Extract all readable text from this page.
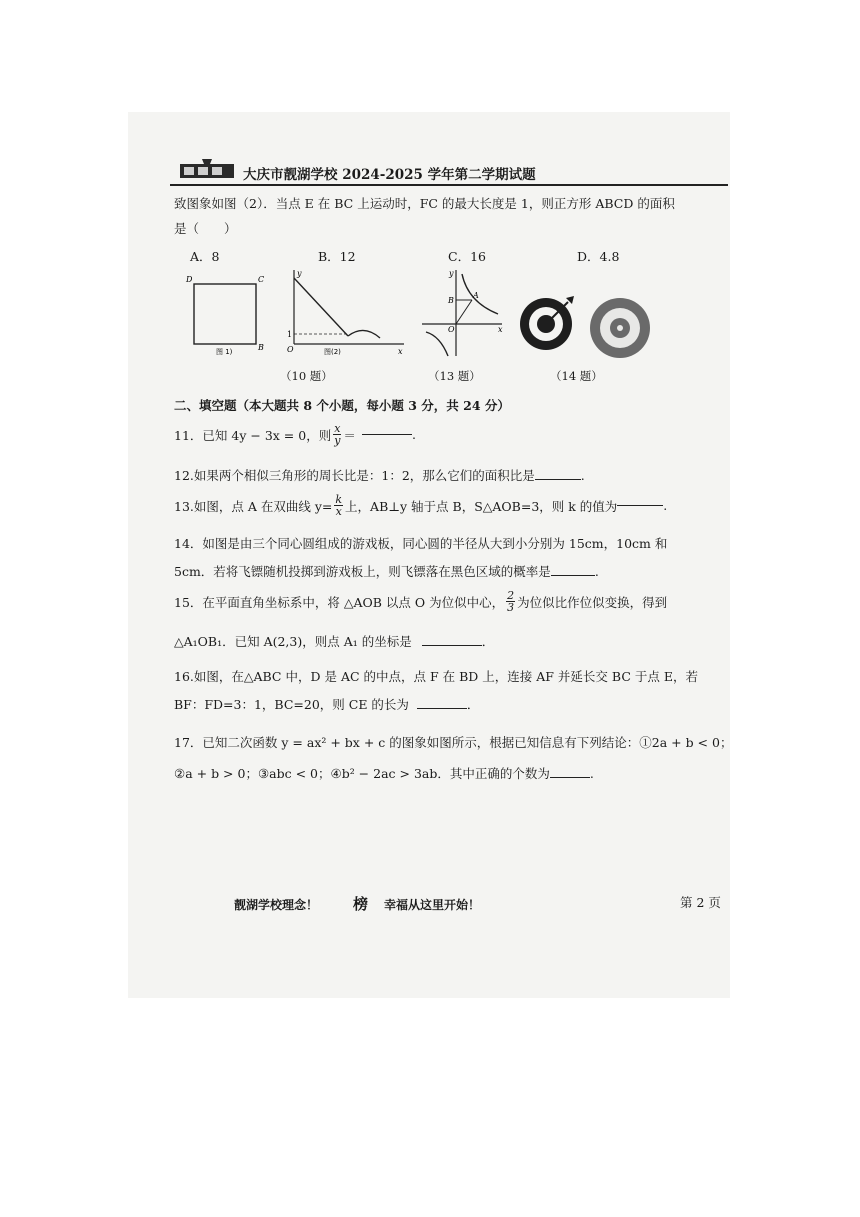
大庆市靓湖学校 2024-2025 学年第二学期试题
致图象如图（2）．当点 E 在 BC 上运动时，FC 的最大长度是 1，则正方形 ABCD 的面积
是（　　）
A．8	B．12	C．16	D．4.8
D	C
B
图 1)
y
1
O	x
图(2)
y
B
A
O	x
（10 题）	（13 题）	（14 题）
二、填空题（本大题共 8 个小题，每小题 3 分，共 24 分）
11．已知 4y − 3x = 0，则 $\frac{x}{y}$ ＝	.
12.如果两个相似三角形的周长比是：1：2，那么它们的面积比是	.
13.如图，点 A 在双曲线 $y= \frac{k}{x}$ 上，AB⊥y 轴于点 B，S△AOB=3，则 k 的值为	.
14．如图是由三个同心圆组成的游戏板，同心圆的半径从大到小分别为 15cm，10cm 和
5cm．若将飞镖随机投掷到游戏板上，则飞镖落在黑色区域的概率是	.
15．在平面直角坐标系中，将 △AOB 以点 O 为位似中心， $\frac{2}{3}$ 为位似比作位似变换，得到
△A₁OB₁．已知 A(2,3)，则点 A₁ 的坐标是	．
16.如图，在△ABC 中，D 是 AC 的中点，点 F 在 BD 上，连接 AF 并延长交 BC 于点 E，若
BF：FD=3：1，BC=20，则 CE 的长为	．
17．已知二次函数 y = ax² + bx + c 的图象如图所示，根据已知信息有下列结论：①2a + b < 0；
②a + b > 0；③abc < 0；④b² − 2ac > 3ab．其中正确的个数为	.
靓湖学校理念！ 榜 幸福从这里开始！	第 2 页
